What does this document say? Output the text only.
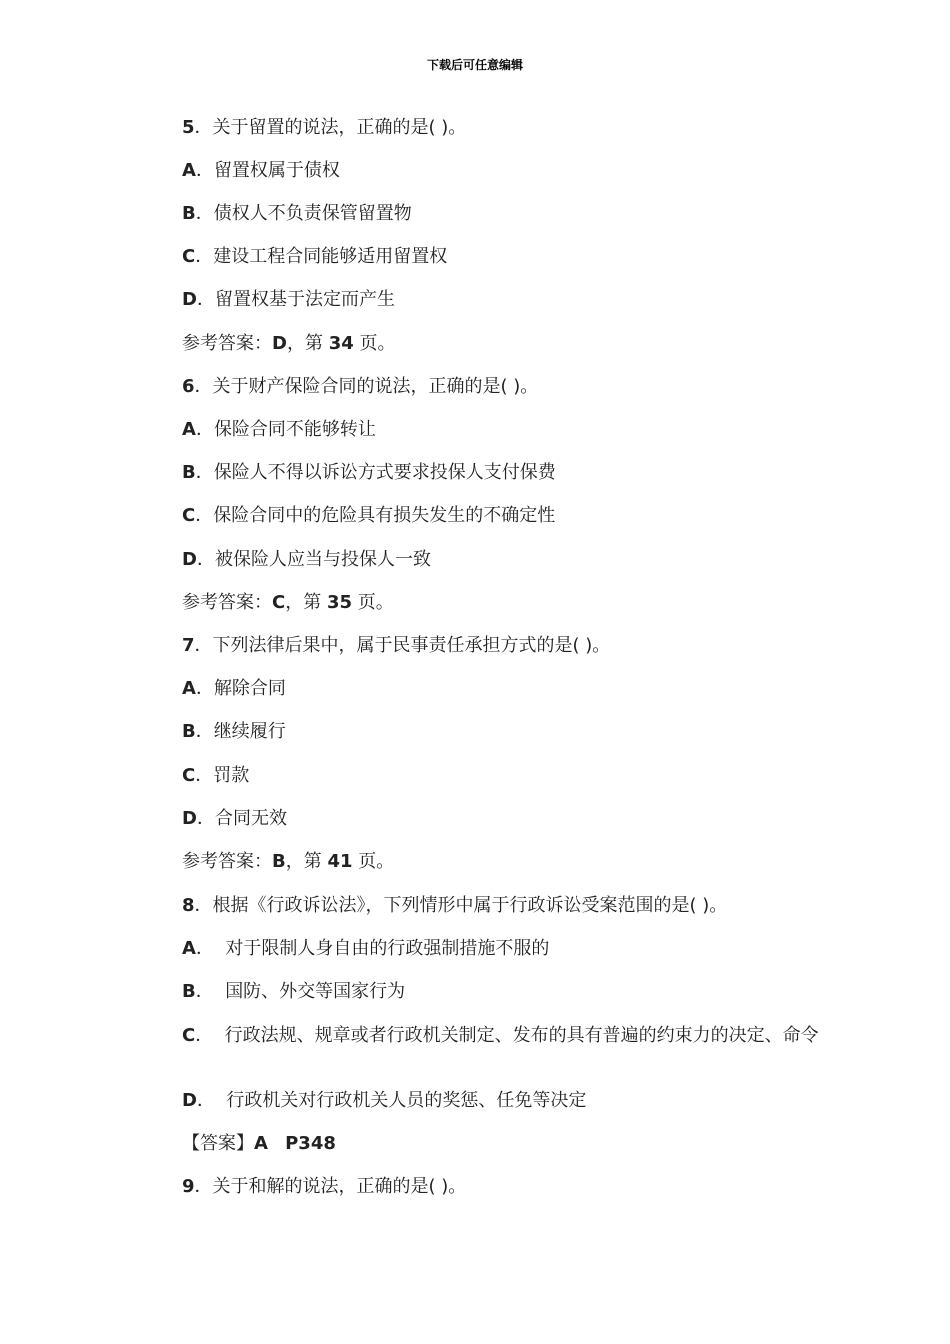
下载后可任意编辑
5．关于留置的说法，正确的是( )。
A．留置权属于债权
B．债权人不负责保管留置物
C．建设工程合同能够适用留置权
D．留置权基于法定而产生
参考答案：D，第 34 页。
6．关于财产保险合同的说法，正确的是( )。
A．保险合同不能够转让
B．保险人不得以诉讼方式要求投保人支付保费
C．保险合同中的危险具有损失发生的不确定性
D．被保险人应当与投保人一致
参考答案：C，第 35 页。
7．下列法律后果中，属于民事责任承担方式的是( )。
A．解除合同
B．继续履行
C．罚款
D．合同无效
参考答案：B，第 41 页。
8．根据《行政诉讼法》，下列情形中属于行政诉讼受案范围的是( )。
A．  对于限制人身自由的行政强制措施不服的
B．  国防、外交等国家行为
C．  行政法规、规章或者行政机关制定、发布的具有普遍的约束力的决定、命令
D．  行政机关对行政机关人员的奖惩、任免等决定
【答案】A P348
9．关于和解的说法，正确的是( )。
